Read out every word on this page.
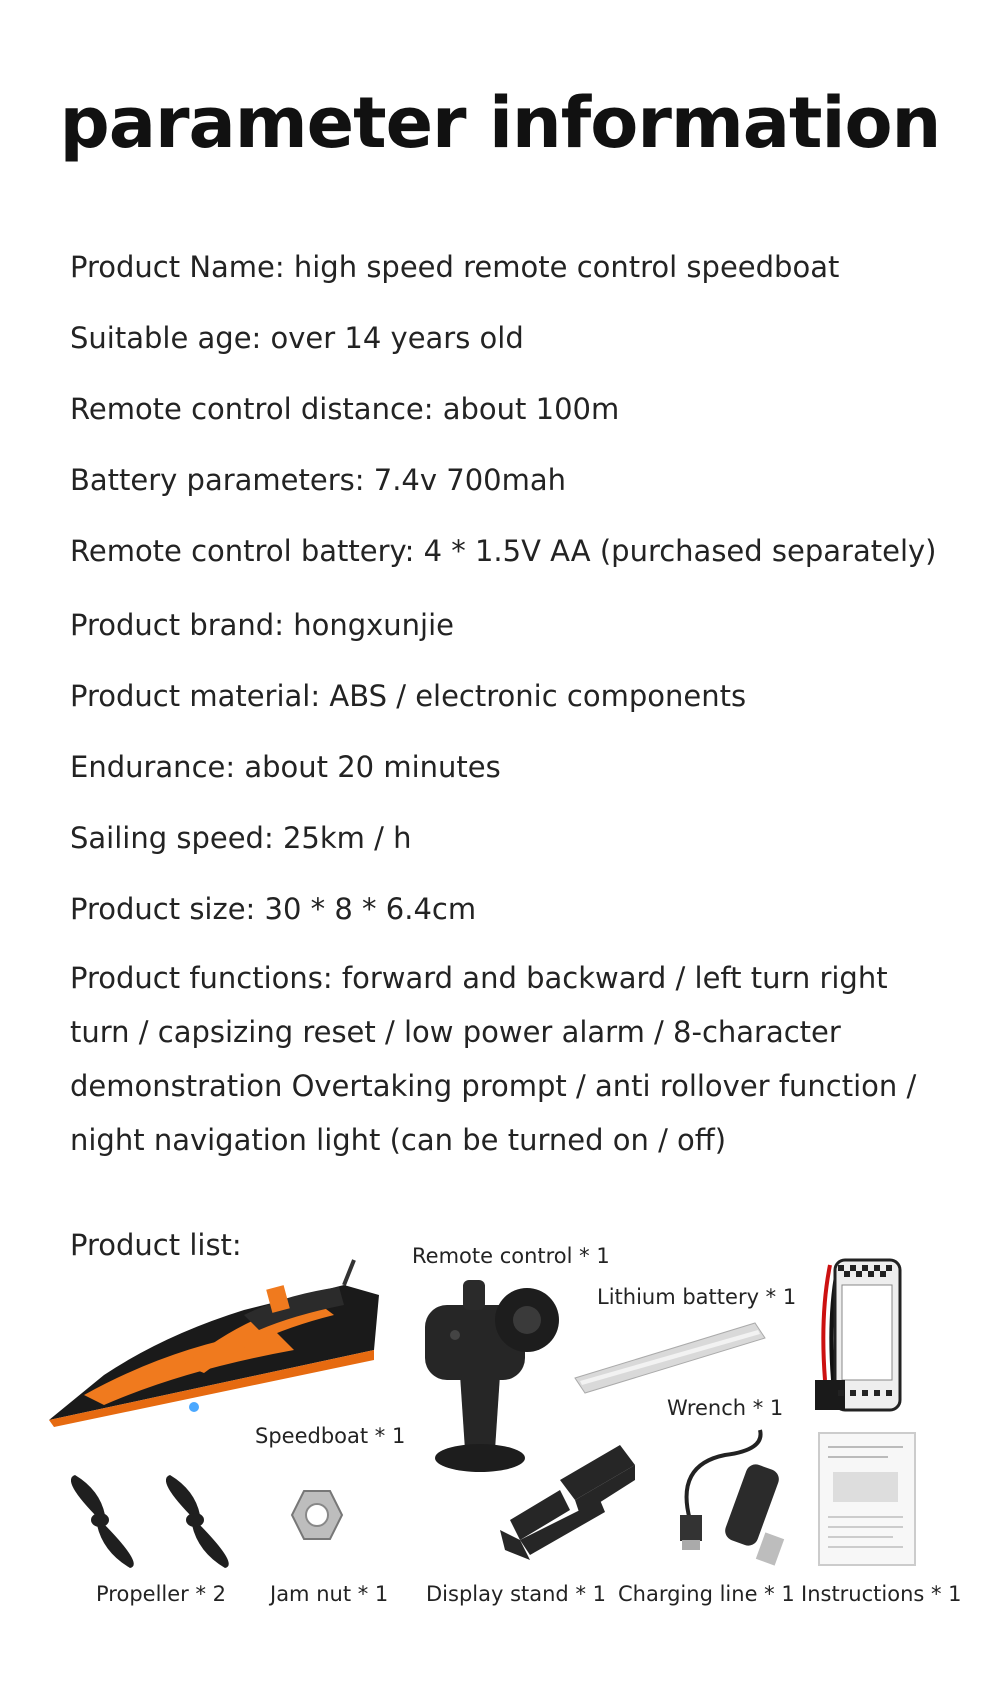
parameter information
Product Name: high speed remote control speedboat
Suitable age: over 14 years old
Remote control distance: about 100m
Battery parameters: 7.4v 700mah
Remote control battery: 4 * 1.5V AA (purchased separately)
Product brand: hongxunjie
Product material: ABS / electronic components
Endurance: about 20 minutes
Sailing speed: 25km / h
Product size: 30 * 8 * 6.4cm
Product functions: forward and backward / left turn right turn / capsizing reset / low power alarm / 8-character demonstration Overtaking prompt / anti rollover function / night navigation light (can be turned on / off)
Product list:
Speedboat * 1
Remote control * 1
Lithium battery * 1
Wrench * 1
Propeller * 2 Jam nut * 1 Display stand * 1 Charging line * 1 Instructions * 1
